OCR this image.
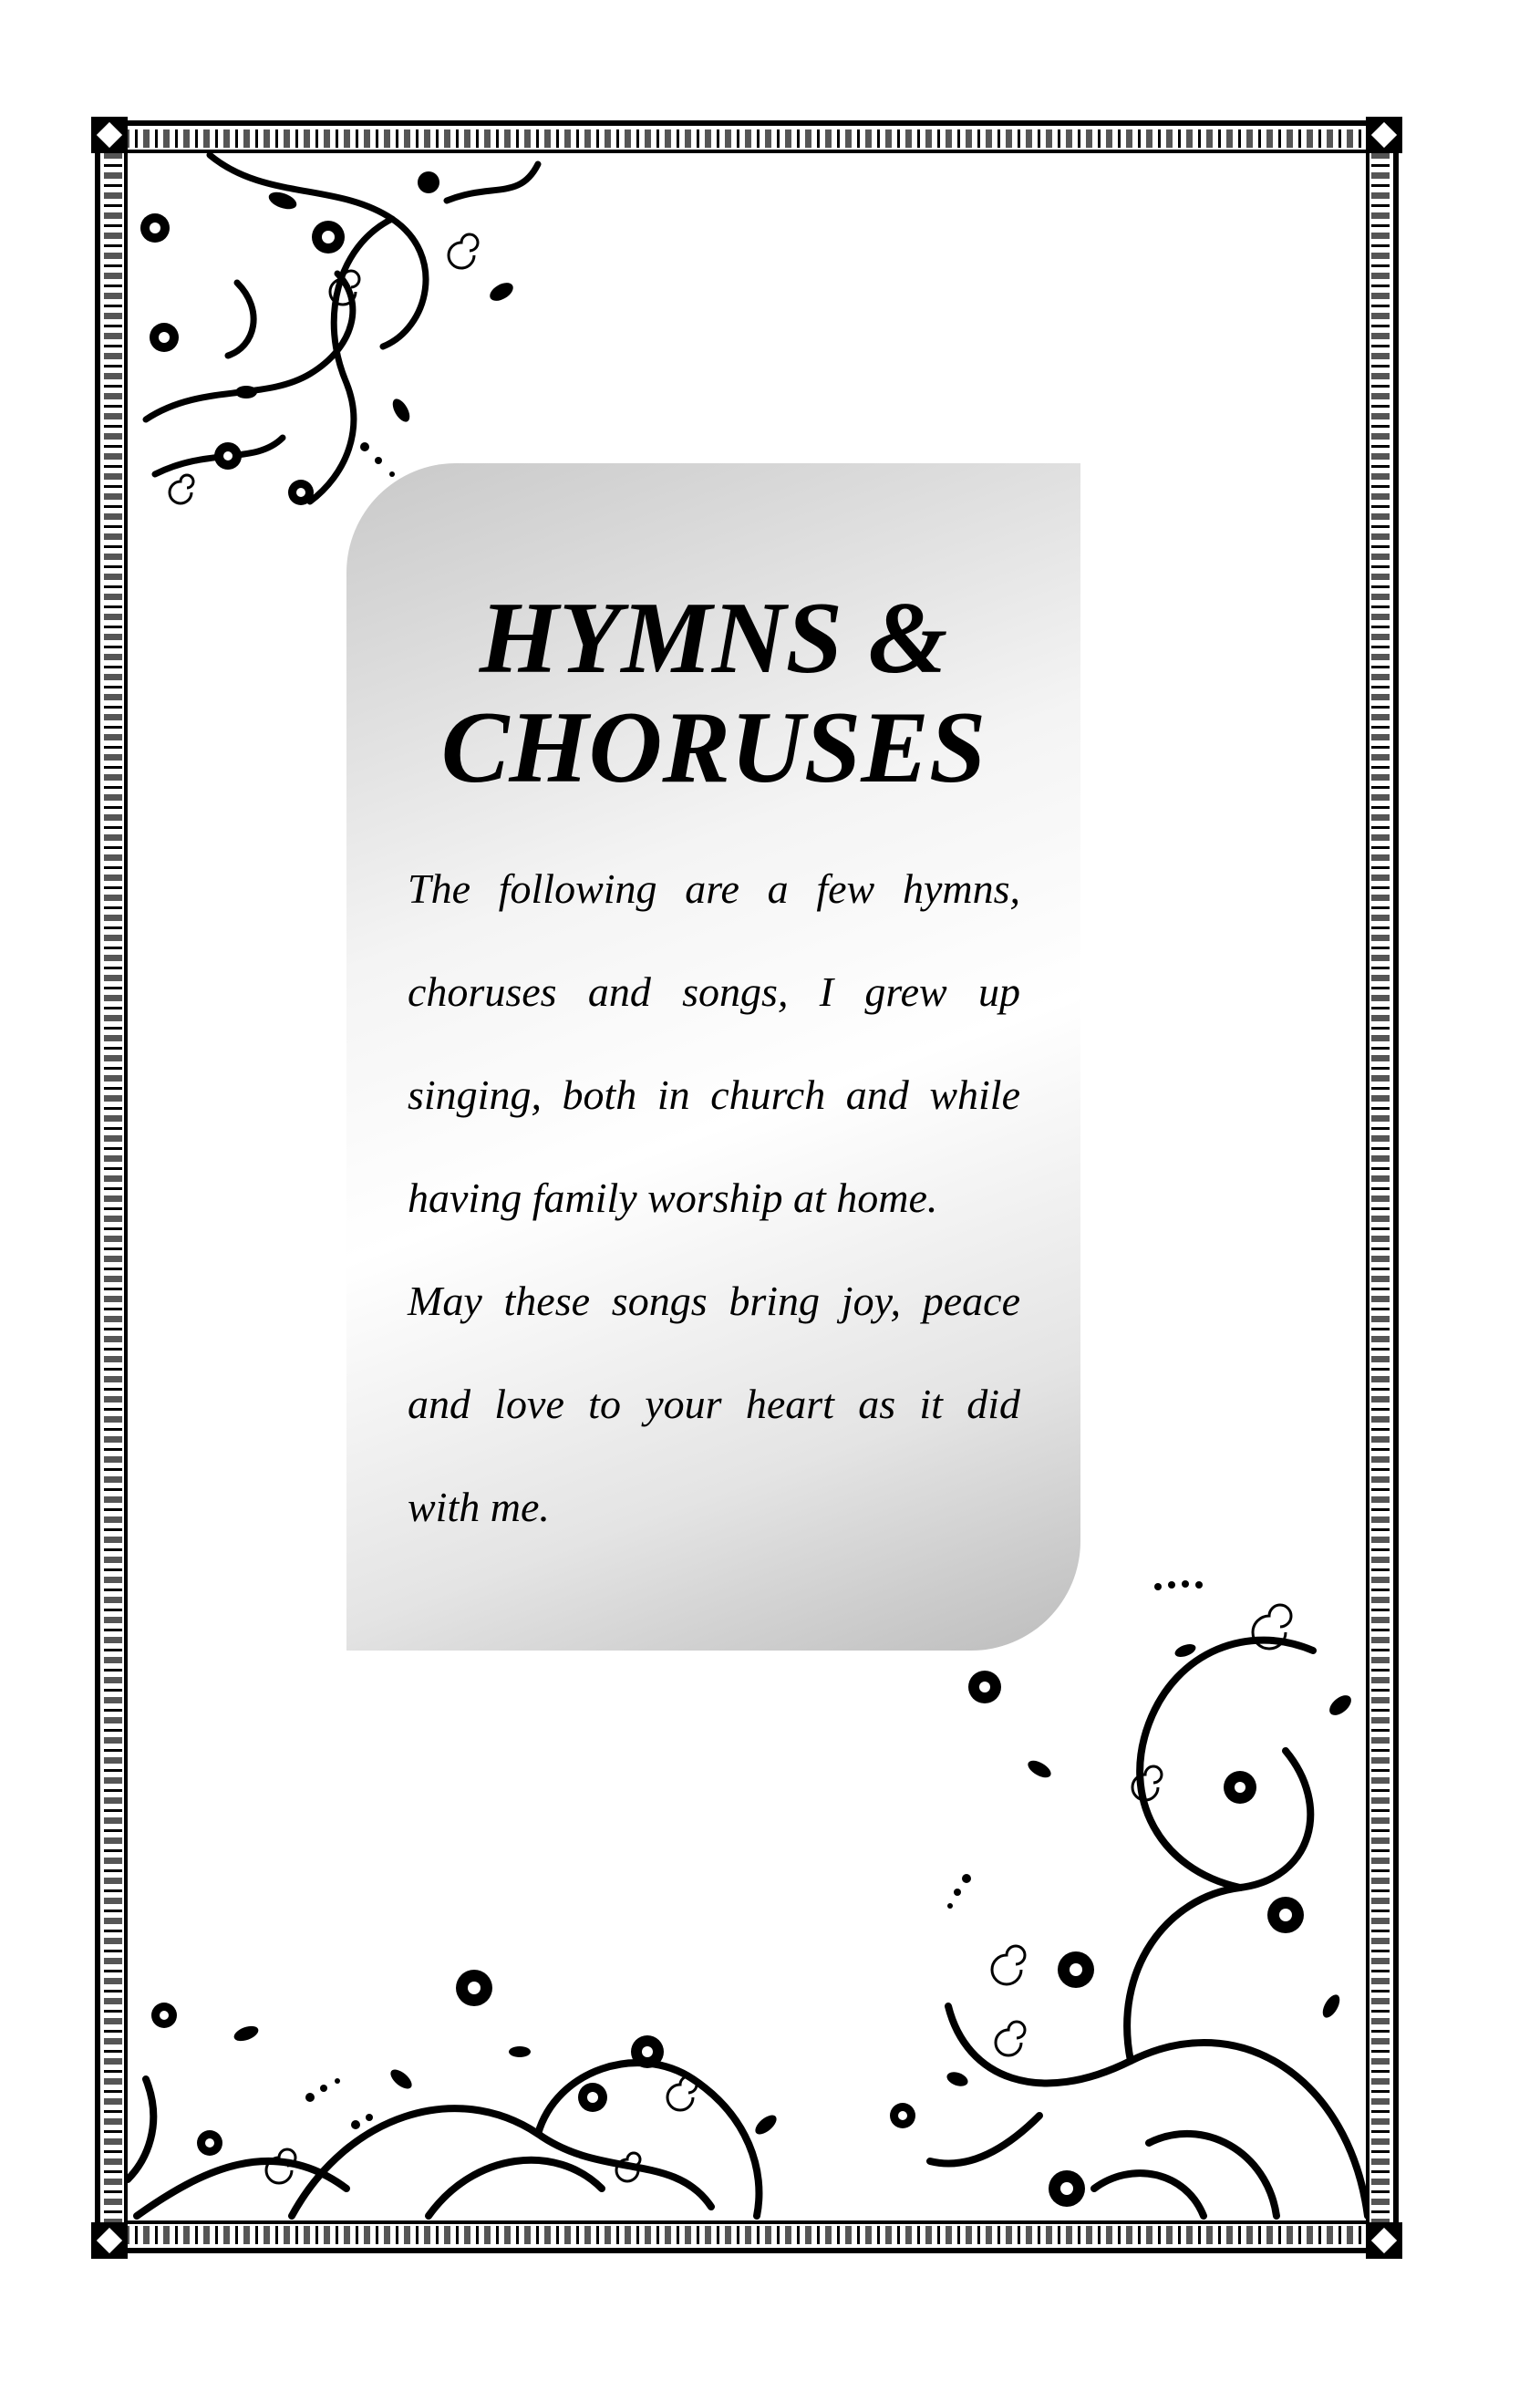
HYMNS &
CHORUSES
The following are a few hymns,
choruses and songs, I grew up
singing, both in church and while
having family worship at home.
May these songs bring joy, peace
and love to your heart as it did
with me.
